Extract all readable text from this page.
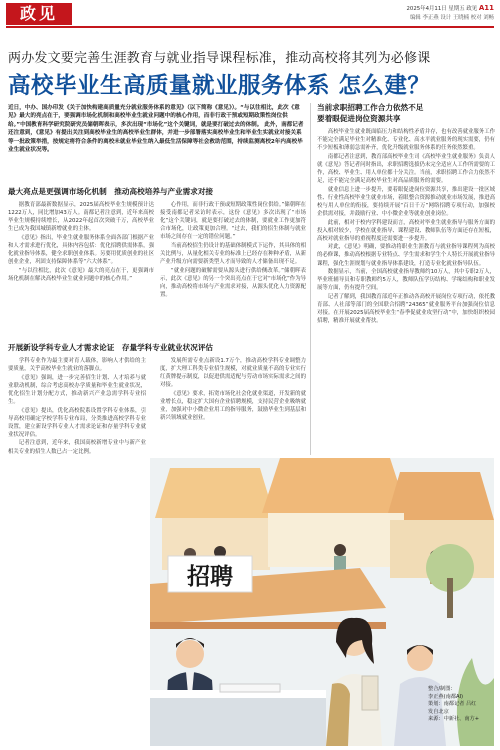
政见	2025年4月11日 星期五 政见 A11
编辑 李正燕 设计 王晓楠 校对 刘畅
两办发文要完善生涯教育与就业指导课程标准，推动高校将其列为必修课
高校毕业生高质量就业服务体系 怎么建？
近日，中办、国办印发《关于加快构建高质量充分就业服务体系的意见》（以下简称《意见》）。“与以往相比，此次《意见》最大的亮点在于，要强调市场化机制和高校毕业生就业问题中的核心作用，而非行政干预或短期政策性岗位供给。”中国教育科学研究院研究员储朝晖表示，多次出现“市场化”这个关键词，就是要打破过去的体制。 此外，南都记者还注意到，《意见》有提出关注到高校毕业生的高校毕业生群体，并进一步部署落实高校毕业生和毕业生实就业对接关系等一批政策举措，按规定将符合条件的离校未就业毕业生纳入最低生活保障等社会救助范围，持续监测离校2年内高校毕业生就业状况等。
最大亮点是更强调市场化机制　推动高校培养与产业需求对接

据教育部最新数据显示，2025届高校毕业生规模预计达1222万人，同比增加43万人。南都记者注意到，近年来高校毕业生规模持续增长，从2022年起首次突破千万，高校毕业生已成为我国城镇新增就业的主体。

《意见》指出，毕业生就业服务体系全面各部门根据产业和人才需求进行优化，具体内容包括：优化招聘供需体系，强化就业指导体系，健全求职创业体系。另要用优质创业的社区创业企业，巩固支持保障体系等“六大体系”。

“与以往相比，此次《意见》最大的亮点在于，更强调市场化机制在解决高校毕业生就业问题中的核心作用。”

心作用，而非行政干预或短期政策性岗位供给。”储朝晖在接受南都记者采访时表示，这份《意见》多次出现了“市场化”这个关键词，就是要打破过去的体制，要就业工作更加符合市场化，让政策更加合理。“过去，我们的招生体制与就业市场之间存在一定的错位问题。”

当前高校招生仍设计的基础体制模式下运作，其具体的相关比例与，从量化相关专业的标准上已经存在种种矛盾，从新产业升级方向需要新类型人才而导致的人才储备出现不足。

“就业问题的破解需要从源头进行供给侧改革。”储朝晖表示，此次《意见》的另一个突出亮点在于它对“市场化”作为导向，推动高校将市场与产业需求对接，从源头优化人力资源配置。

开展新设学科专业人才需求论证　存量学科专业就业状况评估

学科专业作为最主要对育人载体，影响人才供给的主要质量，关乎高校毕业生就业的落脚点。

《意见》强调，进一步完善招生计划、人才培养与就业联动机制，综合考虑高校办学质量和毕业生就业状况，优化招生计划分配方式，推动新兴产业急需学科专业招生。

《意见》提出，优化高校院系设置学科专业体系，引导高校用确定学校学科专业布局，分类推进高校学科专业设置，建立新设学科专业人才需求论证和存量学科专业就业状况评估。

记者注意到，近年来，我国高校新增专业中与新产业相关专业的招生人数已占一定比例。

发展所需专业点新设1.7万个，推动高校学科专业调整力度，扩大理工科类专业招生规模，对就业质量不高的专业实行红黄牌提示制度，以促进供需适配与劳动市场实际需求之间的对接。

《意见》要求，拓宽市场化社会化就业渠道，开发新的就业增长点，稳定扩大国有企业招聘规模，支持民营企业吸纳就业，加强对中小微企业用工的指导服务，鼓励毕业生到基层和新兴领域就业创业。

当前求职招聘工作合力依然不足
要着眼促进岗位资源共享

高校毕业生就业既面临压力和结构性矛盾并存，也有改善就业服务工作不能完全满足毕业生对精准化、专业化、高水平就业服务的现实需要，仍有不少短板和薄弱急需补齐，优化升级就业服务体系的任务依然繁重。

南都记者注意到，教育部高校毕业生司《高校毕业生就业服务》负责人就《意见》答记者问时指出，求职招聘选拔仍未完全适应人工作所需要的工作，高校、毕业生、用人单位都十分关注。当前，求职招聘工作合力依然不足，还不能完全满足高校毕业生对高品质服务的需要。

就业信息上进一步提升，要着眼促进岗位资源共享，推出建设一批区域性、行业性高校毕业生就业市场，着眼整合资源推动就业市场发展，推进高校与用人单位的衔接，要持续开展“百日千万”网络招聘专项行动，加强校企供需对接，并鼓励行业、中小微企业等就业创业岗位。

此前，相对于校内学科建设而言，高校对毕业生就业指导与服务方面的投入相对较少，学校在就业指导、课程建设、教师队伍等方面还存在短板，高校对就业指导的重视程度还需要进一步提升。

对此，《意见》明确，要推动将职业生涯教育与就业指导课程列为高校的必修课，推动高校根据专业特点、学生需求和学生个人特长开展就业指导课程，强化生涯规划与就业指导体系建设，打造专业化就业指导队伍。

数据显示，当前，全国高校就业指导教师约10万人，其中专职2万人，毕业班辅导员和专职教师约5万人，教师队伍学历结构、学缘结构和职业发展等方面，仍有提升空间。

记者了解到，我国教育部近年正推动各高校开展岗位专项行动，依托教育部、人社部等部门的全国联合招聘“24365”就业服务平台加强岗位信息对接。在开展2025届高校毕业生“春季促就业攻坚行动”中，加快组织校园招聘，精准开展就业帮扶。

招聘
整合/制图：
李正燕(南都AI)
策划：南都记者 吕红
发自北京
来源：中新社、南方+
